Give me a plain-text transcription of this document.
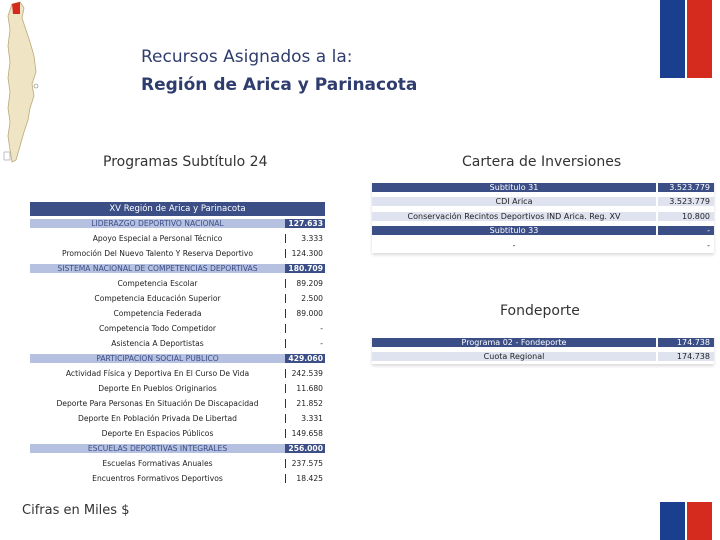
Recursos Asignados a la:
Región de Arica y Parinacota
Programas Subtítulo 24	Cartera de Inversiones
Fondeporte
XV Región de Arica y Parinacota
LIDERAZGO DEPORTIVO NACIONAL	127.633
Apoyo Especial a Personal Técnico	3.333
Promoción Del Nuevo Talento Y Reserva Deportivo	124.300
SISTEMA NACIONAL DE COMPETENCIAS DEPORTIVAS	180.709
Competencia Escolar	89.209
Competencia Educación Superior	2.500
Competencia Federada	89.000
Competencia Todo Competidor	-
Asistencia A Deportistas	-
PARTICIPACION SOCIAL PUBLICO	429.060
Actividad Física y Deportiva En El Curso De Vida	242.539
Deporte En Pueblos Originarios	11.680
Deporte Para Personas En Situación De Discapacidad	21.852
Deporte En Población Privada De Libertad	3.331
Deporte En Espacios Públicos	149.658
ESCUELAS DEPORTIVAS INTEGRALES	256.000
Escuelas Formativas Anuales	237.575
Encuentros Formativos Deportivos	18.425
Subtitulo 31	3.523.779
CDI Arica	3.523.779
Conservación Recintos Deportivos IND Arica. Reg. XV	10.800
Subtitulo 33	-
-	-
Programa 02 - Fondeporte	174.738
Cuota Regional	174.738
Cifras en Miles $
